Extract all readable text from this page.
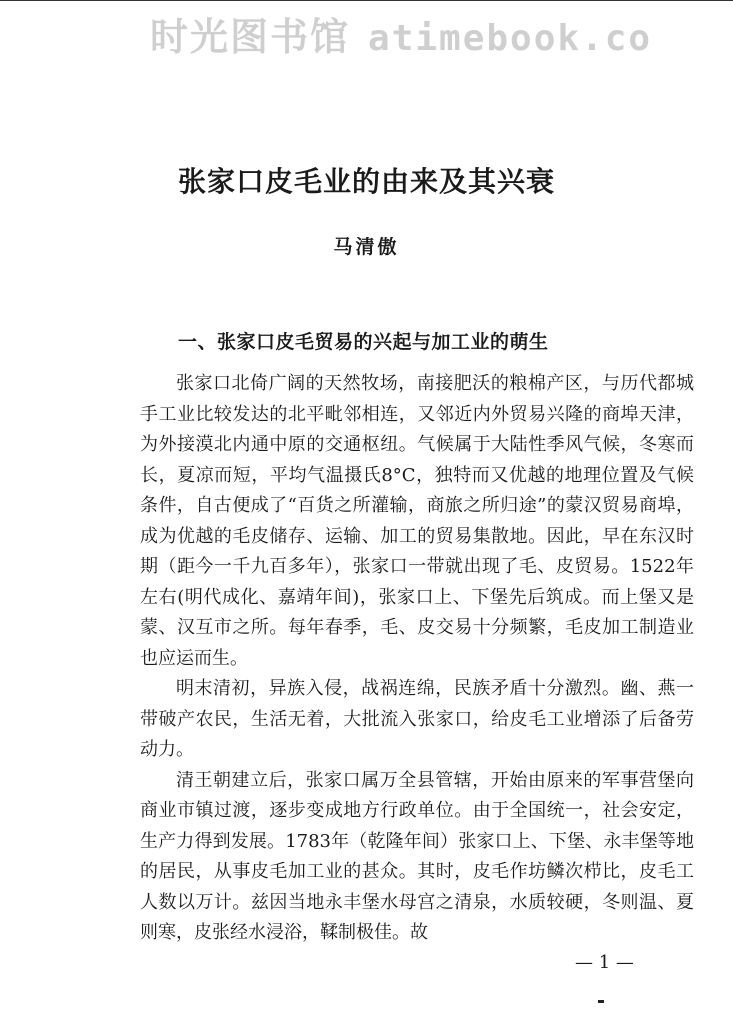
时光图书馆 atimebook.co
张家口皮毛业的由来及其兴衰
马清傲
一、张家口皮毛贸易的兴起与加工业的萌生

张家口北倚广阔的天然牧场，南接肥沃的粮棉产区，与历代都城手工业比较发达的北平毗邻相连，又邻近内外贸易兴隆的商埠天津，为外接漠北内通中原的交通枢纽。气候属于大陆性季风气候，冬寒而长，夏凉而短，平均气温摄氏8°C，独特而又优越的地理位置及气候条件，自古便成了“百货之所灌输，商旅之所归途”的蒙汉贸易商埠，成为优越的毛皮储存、运输、加工的贸易集散地。因此，早在东汉时期（距今一千九百多年），张家口一带就出现了毛、皮贸易。1522年左右(明代成化、嘉靖年间)，张家口上、下堡先后筑成。而上堡又是蒙、汉互市之所。每年春季，毛、皮交易十分频繁，毛皮加工制造业也应运而生。

明末清初，异族入侵，战祸连绵，民族矛盾十分激烈。幽、燕一带破产农民，生活无着，大批流入张家口，给皮毛工业增添了后备劳动力。

清王朝建立后，张家口属万全县管辖，开始由原来的军事营堡向商业市镇过渡，逐步变成地方行政单位。由于全国统一，社会安定，生产力得到发展。1783年（乾隆年间）张家口上、下堡、永丰堡等地的居民，从事皮毛加工业的甚众。其时，皮毛作坊鳞次栉比，皮毛工人数以万计。兹因当地永丰堡水母宫之清泉，水质较硬，冬则温、夏则寒，皮张经水浸浴，鞣制极佳。故

— 1 —
